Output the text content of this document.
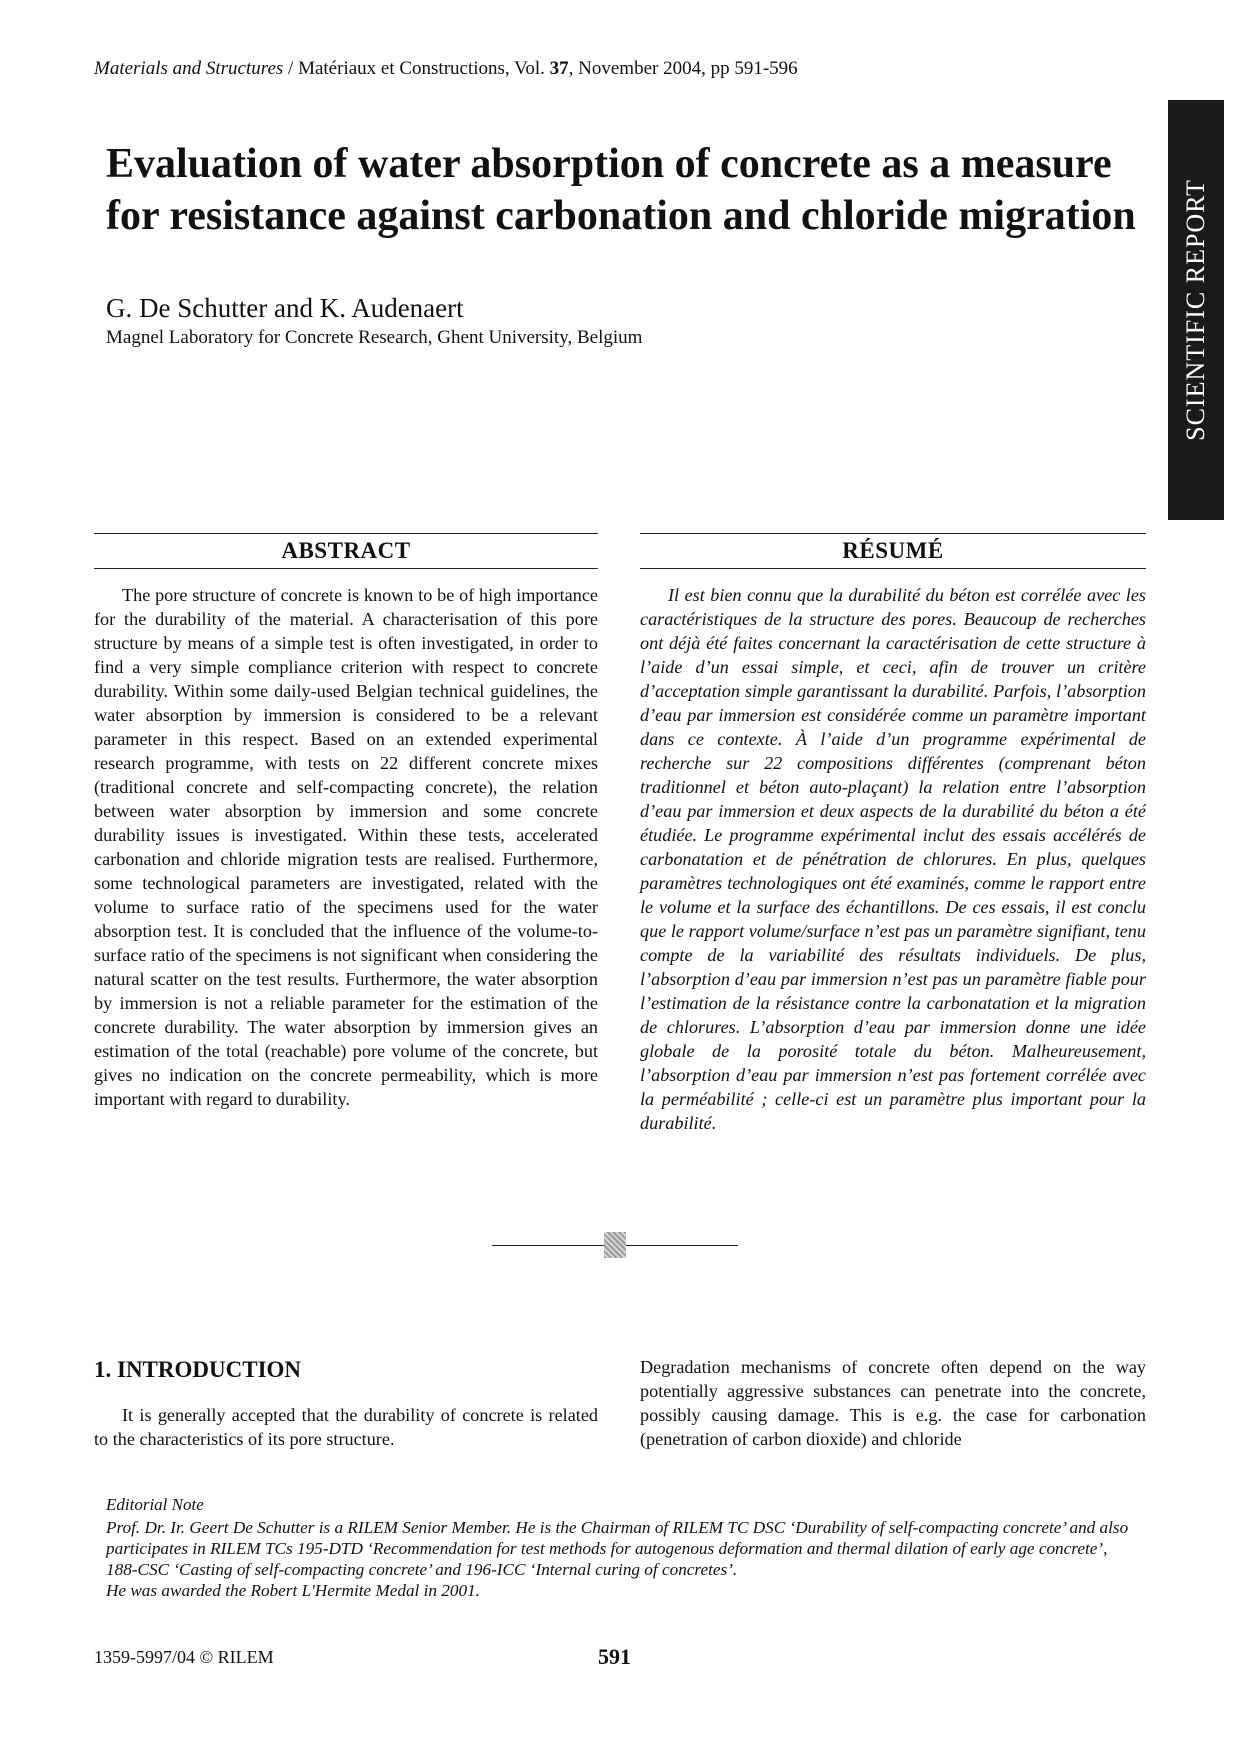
Materials and Structures / Matériaux et Constructions, Vol. 37, November 2004, pp 591-596
SCIENTIFIC REPORT
Evaluation of water absorption of concrete as a measure for resistance against carbonation and chloride migration
G. De Schutter and K. Audenaert
Magnel Laboratory for Concrete Research, Ghent University, Belgium
ABSTRACT

The pore structure of concrete is known to be of high importance for the durability of the material. A characterisation of this pore structure by means of a simple test is often investigated, in order to find a very simple compliance criterion with respect to concrete durability. Within some daily-used Belgian technical guidelines, the water absorption by immersion is considered to be a relevant parameter in this respect. Based on an extended experimental research programme, with tests on 22 different concrete mixes (traditional concrete and self-compacting concrete), the relation between water absorption by immersion and some concrete durability issues is investigated. Within these tests, accelerated carbonation and chloride migration tests are realised. Furthermore, some technological parameters are investigated, related with the volume to surface ratio of the specimens used for the water absorption test. It is concluded that the influence of the volume-to-surface ratio of the specimens is not significant when considering the natural scatter on the test results. Furthermore, the water absorption by immersion is not a reliable parameter for the estimation of the concrete durability. The water absorption by immersion gives an estimation of the total (reachable) pore volume of the concrete, but gives no indication on the concrete permeability, which is more important with regard to durability.

RÉSUMÉ

Il est bien connu que la durabilité du béton est corrélée avec les caractéristiques de la structure des pores. Beaucoup de recherches ont déjà été faites concernant la caractérisation de cette structure à l’aide d’un essai simple, et ceci, afin de trouver un critère d’acceptation simple garantissant la durabilité. Parfois, l’absorption d’eau par immersion est considérée comme un paramètre important dans ce contexte. À l’aide d’un programme expérimental de recherche sur 22 compositions différentes (comprenant béton traditionnel et béton auto-plaçant) la relation entre l’absorption d’eau par immersion et deux aspects de la durabilité du béton a été étudiée. Le programme expérimental inclut des essais accélérés de carbonatation et de pénétration de chlorures. En plus, quelques paramètres technologiques ont été examinés, comme le rapport entre le volume et la surface des échantillons. De ces essais, il est conclu que le rapport volume/surface n’est pas un paramètre signifiant, tenu compte de la variabilité des résultats individuels. De plus, l’absorption d’eau par immersion n’est pas un paramètre fiable pour l’estimation de la résistance contre la carbonatation et la migration de chlorures. L’absorption d’eau par immersion donne une idée globale de la porosité totale du béton. Malheureusement, l’absorption d’eau par immersion n’est pas fortement corrélée avec la perméabilité ; celle-ci est un paramètre plus important pour la durabilité.

1. INTRODUCTION

It is generally accepted that the durability of concrete is related to the characteristics of its pore structure.

Degradation mechanisms of concrete often depend on the way potentially aggressive substances can penetrate into the concrete, possibly causing damage. This is e.g. the case for carbonation (penetration of carbon dioxide) and chloride

Editorial Note

Prof. Dr. Ir. Geert De Schutter is a RILEM Senior Member. He is the Chairman of RILEM TC DSC ‘Durability of self-compacting concrete’ and also participates in RILEM TCs 195-DTD ‘Recommendation for test methods for autogenous deformation and thermal dilation of early age concrete’, 188-CSC ‘Casting of self-compacting concrete’ and 196-ICC ‘Internal curing of concretes’.
He was awarded the Robert L'Hermite Medal in 2001.

1359-5997/04 © RILEM	591
